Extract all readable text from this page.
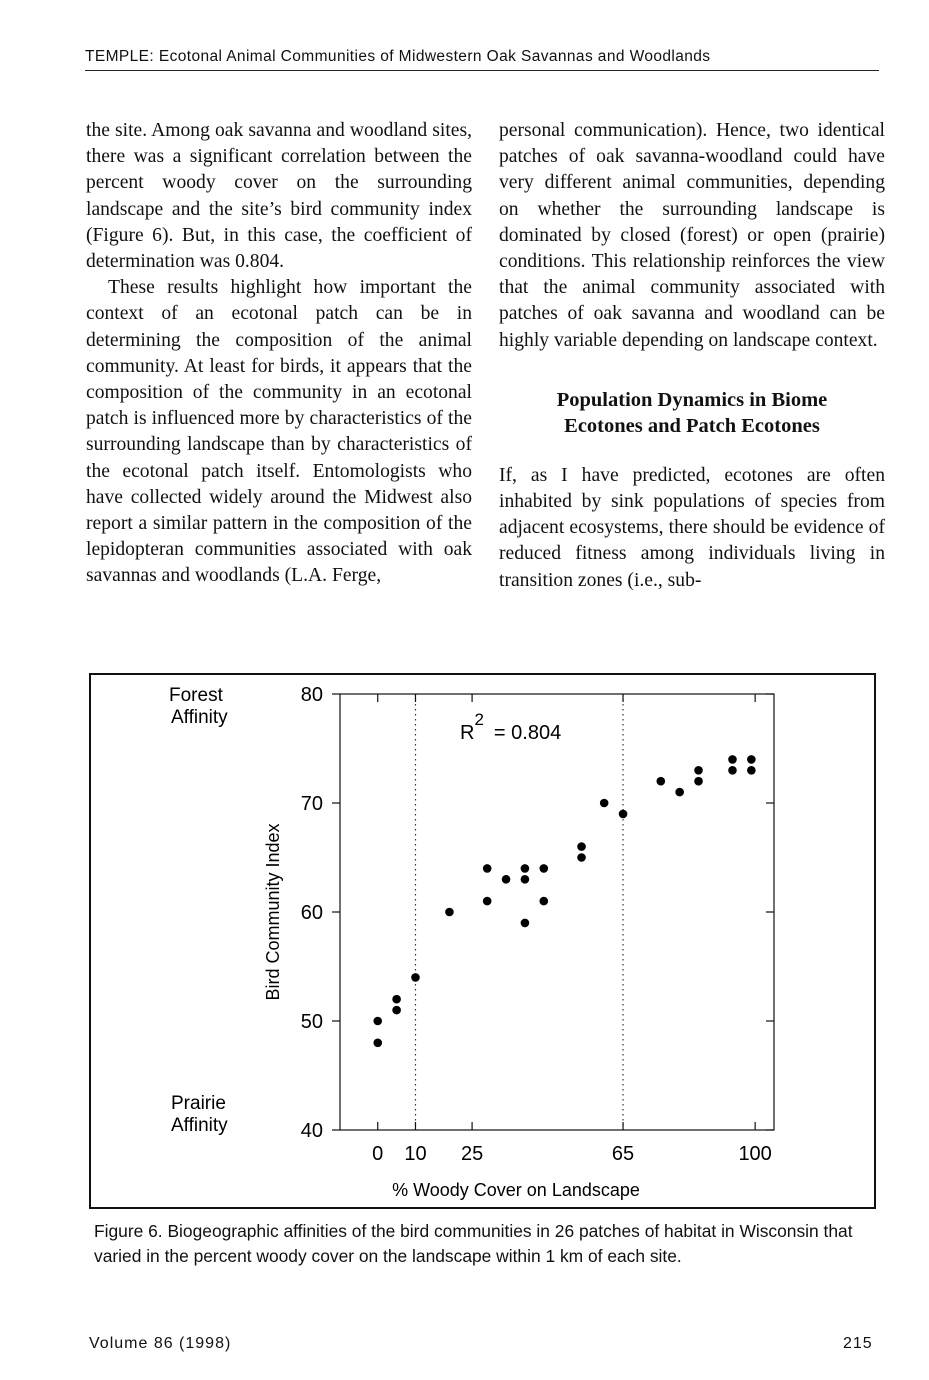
TEMPLE: Ecotonal Animal Communities of Midwestern Oak Savannas and Woodlands

the site. Among oak savanna and woodland sites, there was a significant correlation between the percent woody cover on the surrounding landscape and the site’s bird community index (Figure 6). But, in this case, the coefficient of determination was 0.804.

These results highlight how important the context of an ecotonal patch can be in determining the composition of the animal community. At least for birds, it appears that the composition of the community in an ecotonal patch is influenced more by characteristics of the surrounding landscape than by characteristics of the ecotonal patch itself. Entomologists who have collected widely around the Midwest also report a similar pattern in the composition of the lepidopteran communities associated with oak savannas and woodlands (L.A. Ferge,

personal communication). Hence, two identical patches of oak savanna-woodland could have very different animal communities, depending on whether the surrounding landscape is dominated by closed (forest) or open (prairie) conditions. This relationship reinforces the view that the animal community associated with patches of oak savanna and woodland can be highly variable depending on landscape context.

Population Dynamics in Biome
Ecotones and Patch Ecotones

If, as I have predicted, ecotones are often inhabited by sink populations of species from adjacent ecosystems, there should be evidence of reduced fitness among individuals living in transition zones (i.e., sub-

40
50
60
70
80
0 10 25	65	100
Forest Affinity
Prairie Affinity
Bird Community Index
% Woody Cover on Landscape
$R^2= 0.804$
Figure 6. Biogeographic affinities of the bird communities in 26 patches of habitat in Wisconsin that varied in the percent woody cover on the landscape within 1 km of each site.
Volume 86 (1998)	215
